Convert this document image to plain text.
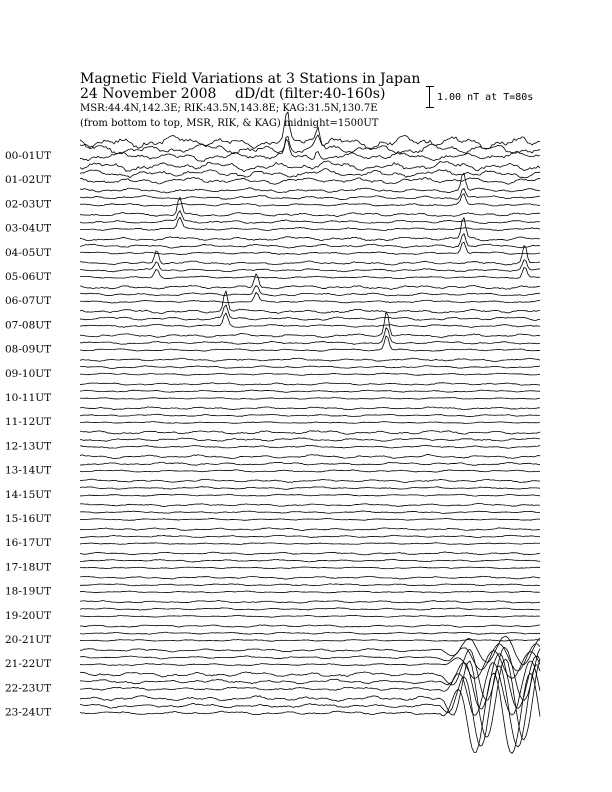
Magnetic Field Variations at 3 Stations in Japan
24 November 2008 dD/dt (filter:40-160s)
MSR:44.4N,142.3E; RIK:43.5N,143.8E; KAG:31.5N,130.7E
(from bottom to top, MSR, RIK, & KAG) midnight=1500UT
1.00 nT at T=80s
00-01UT
01-02UT
02-03UT
03-04UT
04-05UT
05-06UT
06-07UT
07-08UT
08-09UT
09-10UT
10-11UT
11-12UT
12-13UT
13-14UT
14-15UT
15-16UT
16-17UT
17-18UT
18-19UT
19-20UT
20-21UT
21-22UT
22-23UT
23-24UT
